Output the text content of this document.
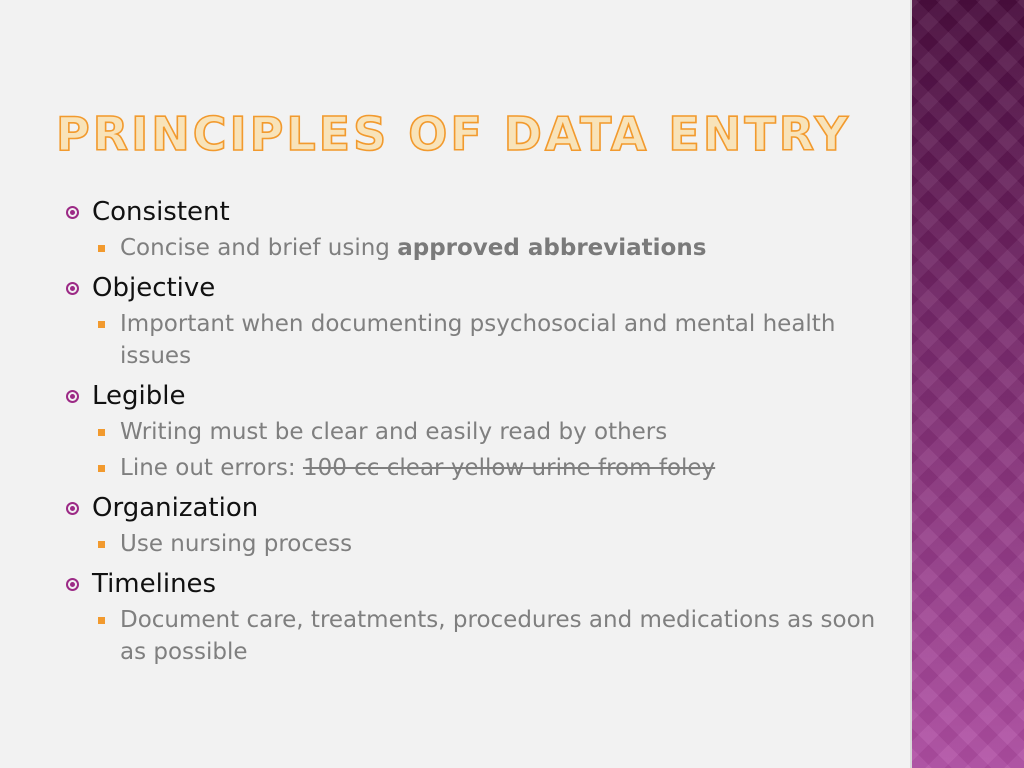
PRINCIPLES OF DATA ENTRY
Consistent
Concise and brief using approved abbreviations
Objective
Important when documenting psychosocial and mental health issues
Legible
Writing must be clear and easily read by others
Line out errors: 100 cc clear yellow urine from foley
Organization
Use nursing process
Timelines
Document care, treatments, procedures and medications as soon as possible
